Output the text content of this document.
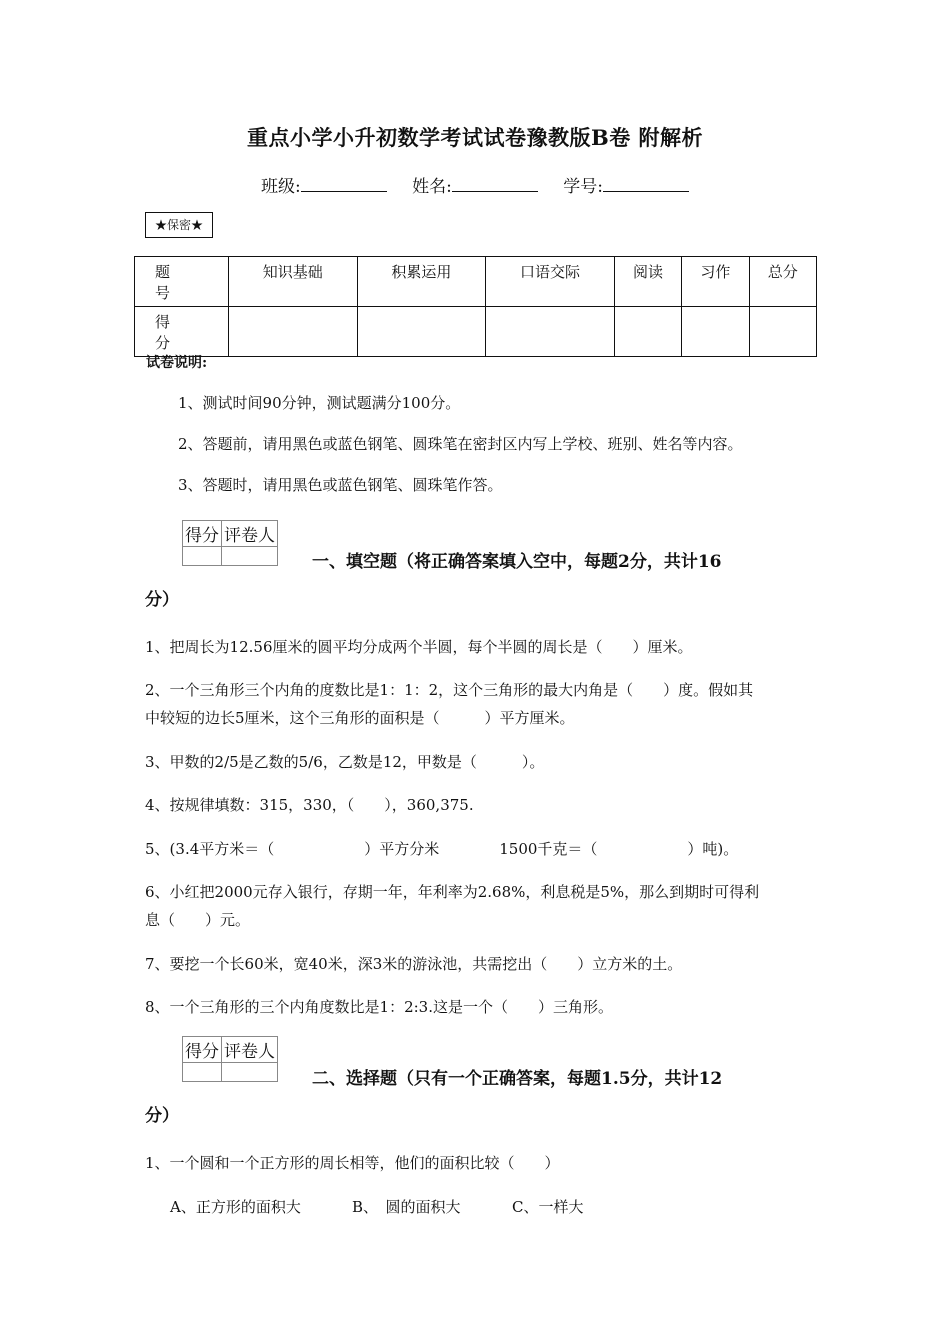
重点小学小升初数学考试试卷豫教版B卷 附解析
班级:	姓名:	学号:
★保密★
题　号	知识基础	积累运用	口语交际	阅读	习作	总分
得　分						
试卷说明:
1、测试时间90分钟，测试题满分100分。
2、答题前，请用黑色或蓝色钢笔、圆珠笔在密封区内写上学校、班别、姓名等内容。
3、答题时，请用黑色或蓝色钢笔、圆珠笔作答。
得分	评卷人

一、填空题（将正确答案填入空中，每题2分，共计16
分）
1、把周长为12.56厘米的圆平均分成两个半圆，每个半圆的周长是（　　）厘米。
2、一个三角形三个内角的度数比是1：1：2，这个三角形的最大内角是（　　）度。假如其
中较短的边长5厘米，这个三角形的面积是（　　　）平方厘米。
3、甲数的2/5是乙数的5/6，乙数是12，甲数是（　　　）。
4、按规律填数：315，330，（　　），360,375.
5、(3.4平方米＝（　　　　　　）平方分米　　　　1500千克＝（　　　　　　）吨)。
6、小红把2000元存入银行，存期一年，年利率为2.68%，利息税是5%，那么到期时可得利
息（　　）元。
7、要挖一个长60米，宽40米，深3米的游泳池，共需挖出（　　）立方米的土。
8、一个三角形的三个内角度数比是1：2:3.这是一个（　　）三角形。
得分	评卷人

二、选择题（只有一个正确答案，每题1.5分，共计12
分）
1、一个圆和一个正方形的周长相等，他们的面积比较（　　）
A、正方形的面积大	B、　圆的面积大	C、一样大
